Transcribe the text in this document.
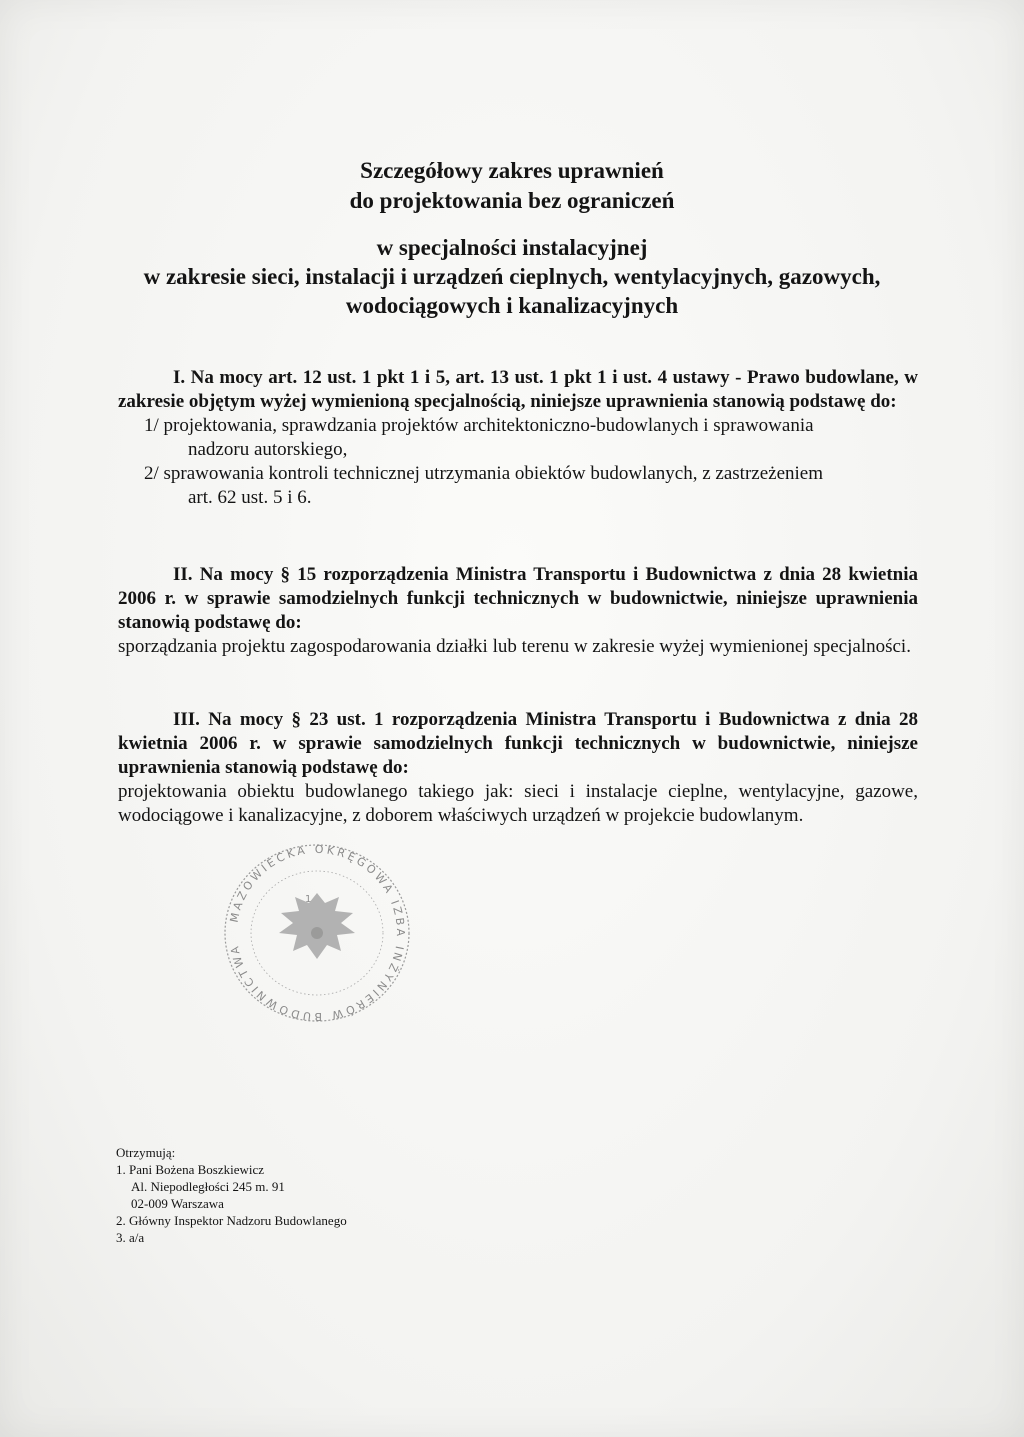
Szczegółowy zakres uprawnień
do projektowania bez ograniczeń
w specjalności instalacyjnej
w zakresie sieci, instalacji i urządzeń cieplnych, wentylacyjnych, gazowych,
wodociągowych i kanalizacyjnych
I. Na mocy art. 12 ust. 1 pkt 1 i 5, art. 13 ust. 1 pkt 1 i ust. 4 ustawy - Prawo budowlane, w zakresie objętym wyżej wymienioną specjalnością, niniejsze uprawnienia stanowią podstawę do:
1/ projektowania, sprawdzania projektów architektoniczno-budowlanych i sprawowania
nadzoru autorskiego,
2/ sprawowania kontroli technicznej utrzymania obiektów budowlanych, z zastrzeżeniem
art. 62 ust. 5 i 6.
II. Na mocy § 15 rozporządzenia Ministra Transportu i Budownictwa z dnia 28 kwietnia 2006 r. w sprawie samodzielnych funkcji technicznych w budownictwie, niniejsze uprawnienia stanowią podstawę do:
sporządzania projektu zagospodarowania działki lub terenu w zakresie wyżej wymienionej specjalności.
III. Na mocy § 23 ust. 1 rozporządzenia Ministra Transportu i Budownictwa z dnia 28 kwietnia 2006 r. w sprawie samodzielnych funkcji technicznych w budownictwie, niniejsze uprawnienia stanowią podstawę do:
projektowania obiektu budowlanego takiego jak: sieci i instalacje cieplne, wentylacyjne, gazowe, wodociągowe i kanalizacyjne, z doborem właściwych urządzeń w projekcie budowlanym.
MAZOWIECKA OKRĘGOWA IZBA INŻYNIERÓW BUDOWNICTWA
1
Otrzymują:
1. Pani Bożena Boszkiewicz
Al. Niepodległości 245 m. 91
02-009 Warszawa
2. Główny Inspektor Nadzoru Budowlanego
3. a/a
